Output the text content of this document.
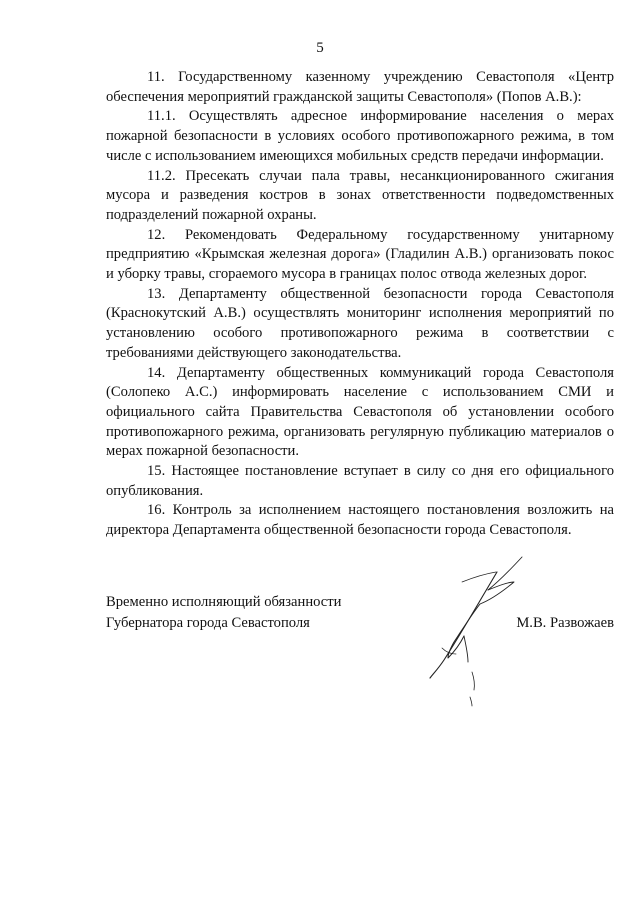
5

11. Государственному казенному учреждению Севастополя «Центр обеспечения мероприятий гражданской защиты Севастополя» (Попов А.В.):

11.1. Осуществлять адресное информирование населения о мерах пожарной безопасности в условиях особого противопожарного режима, в том числе с использованием имеющихся мобильных средств передачи информации.

11.2. Пресекать случаи пала травы, несанкционированного сжигания мусора и разведения костров в зонах ответственности подведомственных подразделений пожарной охраны.

12. Рекомендовать Федеральному государственному унитарному предприятию «Крымская железная дорога» (Гладилин А.В.) организовать покос и уборку травы, сгораемого мусора в границах полос отвода железных дорог.

13. Департаменту общественной безопасности города Севастополя (Краснокутский А.В.) осуществлять мониторинг исполнения мероприятий по установлению особого противопожарного режима в соответствии с требованиями действующего законодательства.

14. Департаменту общественных коммуникаций города Севастополя (Солопеко А.С.) информировать население с использованием СМИ и официального сайта Правительства Севастополя об установлении особого противопожарного режима, организовать регулярную публикацию материалов о мерах пожарной безопасности.

15. Настоящее постановление вступает в силу со дня его официального опубликования.

16. Контроль за исполнением настоящего постановления возложить на директора Департамента общественной безопасности города Севастополя.

Временно исполняющий обязанности
Губернатора города Севастополя	М.В. Развожаев
